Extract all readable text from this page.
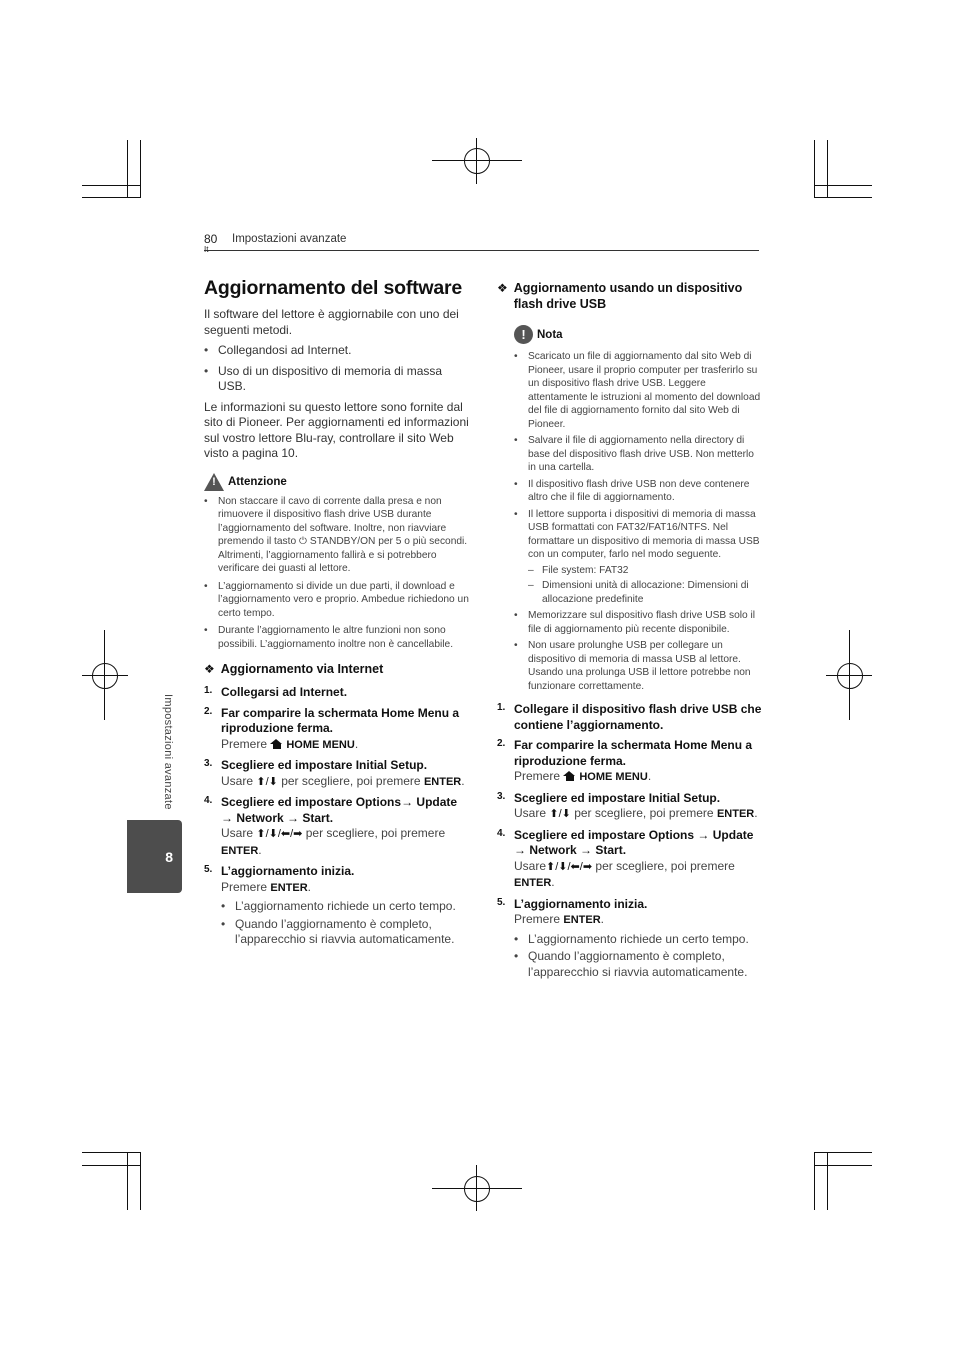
80 Impostazioni avanzate
Impostazioni avanzate
8
Aggiornamento del software

Il software del lettore è aggiornabile con uno dei seguenti metodi.

• Collegandosi ad Internet.
• Uso di un dispositivo di memoria di massa USB.

Le informazioni su questo lettore sono fornite dal sito di Pioneer. Per aggiornamenti ed informazioni sul vostro lettore Blu-ray, controllare il sito Web visto a pagina 10.

!	Attenzione
• Non staccare il cavo di corrente dalla presa e non rimuovere il dispositivo flash drive USB durante l’aggiornamento del software. Inoltre, non riavviare premendo il tasto ⏻ STANDBY/ON per 5 o più secondi. Altrimenti, l’aggiornamento fallirà e si potrebbero verificare dei guasti al lettore.
• L’aggiornamento si divide un due parti, il download e l’aggiornamento vero e proprio. Ambedue richiedono un certo tempo.
• Durante l’aggiornamento le altre funzioni non sono possibili. L’aggiornamento inoltre non è cancellabile.
❖ Aggiornamento via Internet
1. Collegarsi ad Internet.
2. Far comparire la schermata Home Menu a riproduzione ferma.
Premere HOME MENU.
3. Scegliere ed impostare Initial Setup.
Usare ⬆/⬇ per scegliere, poi premere ENTER.
4. Scegliere ed impostare Options→ Update → Network → Start.
Usare ⬆/⬇/⬅/➡ per scegliere, poi premere ENTER.
5. L’aggiornamento inizia.
Premere ENTER.
• L’aggiornamento richiede un certo tempo.
• Quando l’aggiornamento è completo, l’apparecchio si riavvia automaticamente.
❖ Aggiornamento usando un dispositivo flash drive USB
! Nota
• Scaricato un file di aggiornamento dal sito Web di Pioneer, usare il proprio computer per trasferirlo su un dispositivo flash drive USB. Leggere attentamente le istruzioni al momento del download del file di aggiornamento fornito dal sito Web di Pioneer.
• Salvare il file di aggiornamento nella directory di base del dispositivo flash drive USB. Non metterlo in una cartella.
• Il dispositivo flash drive USB non deve contenere altro che il file di aggiornamento.
• Il lettore supporta i dispositivi di memoria di massa USB formattati con FAT32/FAT16/NTFS. Nel formattare un dispositivo di memoria di massa USB con un computer, farlo nel modo seguente.
– File system: FAT32
– Dimensioni unità di allocazione: Dimensioni di allocazione predefinite
• Memorizzare sul dispositivo flash drive USB solo il file di aggiornamento più recente disponibile.
• Non usare prolunghe USB per collegare un dispositivo di memoria di massa USB al lettore. Usando una prolunga USB il lettore potrebbe non funzionare correttamente.
1. Collegare il dispositivo flash drive USB che contiene l’aggiornamento.
2. Far comparire la schermata Home Menu a riproduzione ferma.
Premere HOME MENU.
3. Scegliere ed impostare Initial Setup.
Usare ⬆/⬇ per scegliere, poi premere ENTER.
4. Scegliere ed impostare Options → Update → Network → Start.
Usare⬆/⬇/⬅/➡ per scegliere, poi premere ENTER.
5. L’aggiornamento inizia.
Premere ENTER.
• L’aggiornamento richiede un certo tempo.
• Quando l’aggiornamento è completo, l’apparecchio si riavvia automaticamente.
